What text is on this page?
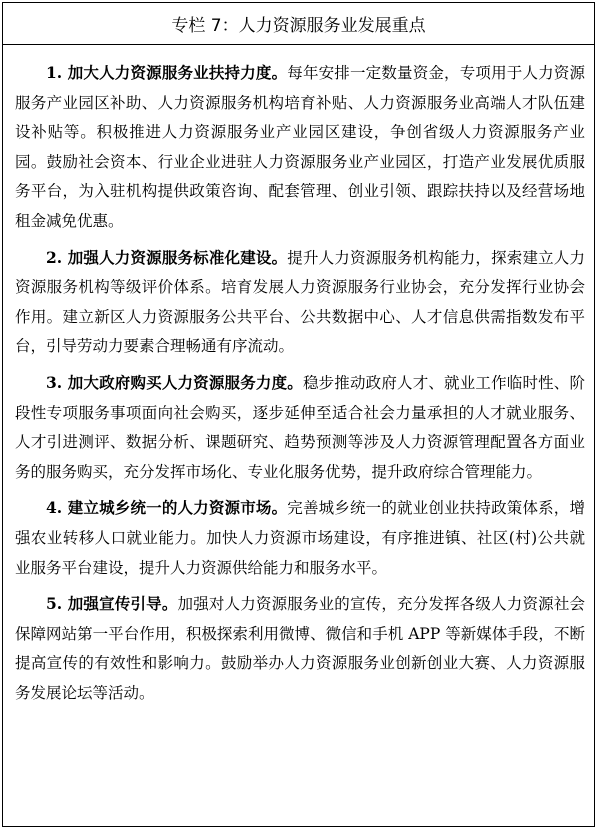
专栏 7：人力资源服务业发展重点

1. 加大人力资源服务业扶持力度。每年安排一定数量资金，专项用于人力资源服务产业园区补助、人力资源服务机构培育补贴、人力资源服务业高端人才队伍建设补贴等。积极推进人力资源服务业产业园区建设，争创省级人力资源服务产业园。鼓励社会资本、行业企业进驻人力资源服务业产业园区，打造产业发展优质服务平台，为入驻机构提供政策咨询、配套管理、创业引领、跟踪扶持以及经营场地租金减免优惠。

2. 加强人力资源服务标准化建设。提升人力资源服务机构能力，探索建立人力资源服务机构等级评价体系。培育发展人力资源服务行业协会，充分发挥行业协会作用。建立新区人力资源服务公共平台、公共数据中心、人才信息供需指数发布平台，引导劳动力要素合理畅通有序流动。

3. 加大政府购买人力资源服务力度。稳步推动政府人才、就业工作临时性、阶段性专项服务事项面向社会购买，逐步延伸至适合社会力量承担的人才就业服务、人才引进测评、数据分析、课题研究、趋势预测等涉及人力资源管理配置各方面业务的服务购买，充分发挥市场化、专业化服务优势，提升政府综合管理能力。

4. 建立城乡统一的人力资源市场。完善城乡统一的就业创业扶持政策体系，增强农业转移人口就业能力。加快人力资源市场建设，有序推进镇、社区(村)公共就业服务平台建设，提升人力资源供给能力和服务水平。

5. 加强宣传引导。加强对人力资源服务业的宣传，充分发挥各级人力资源社会保障网站第一平台作用，积极探索利用微博、微信和手机 APP 等新媒体手段，不断提高宣传的有效性和影响力。鼓励举办人力资源服务业创新创业大赛、人力资源服务发展论坛等活动。
